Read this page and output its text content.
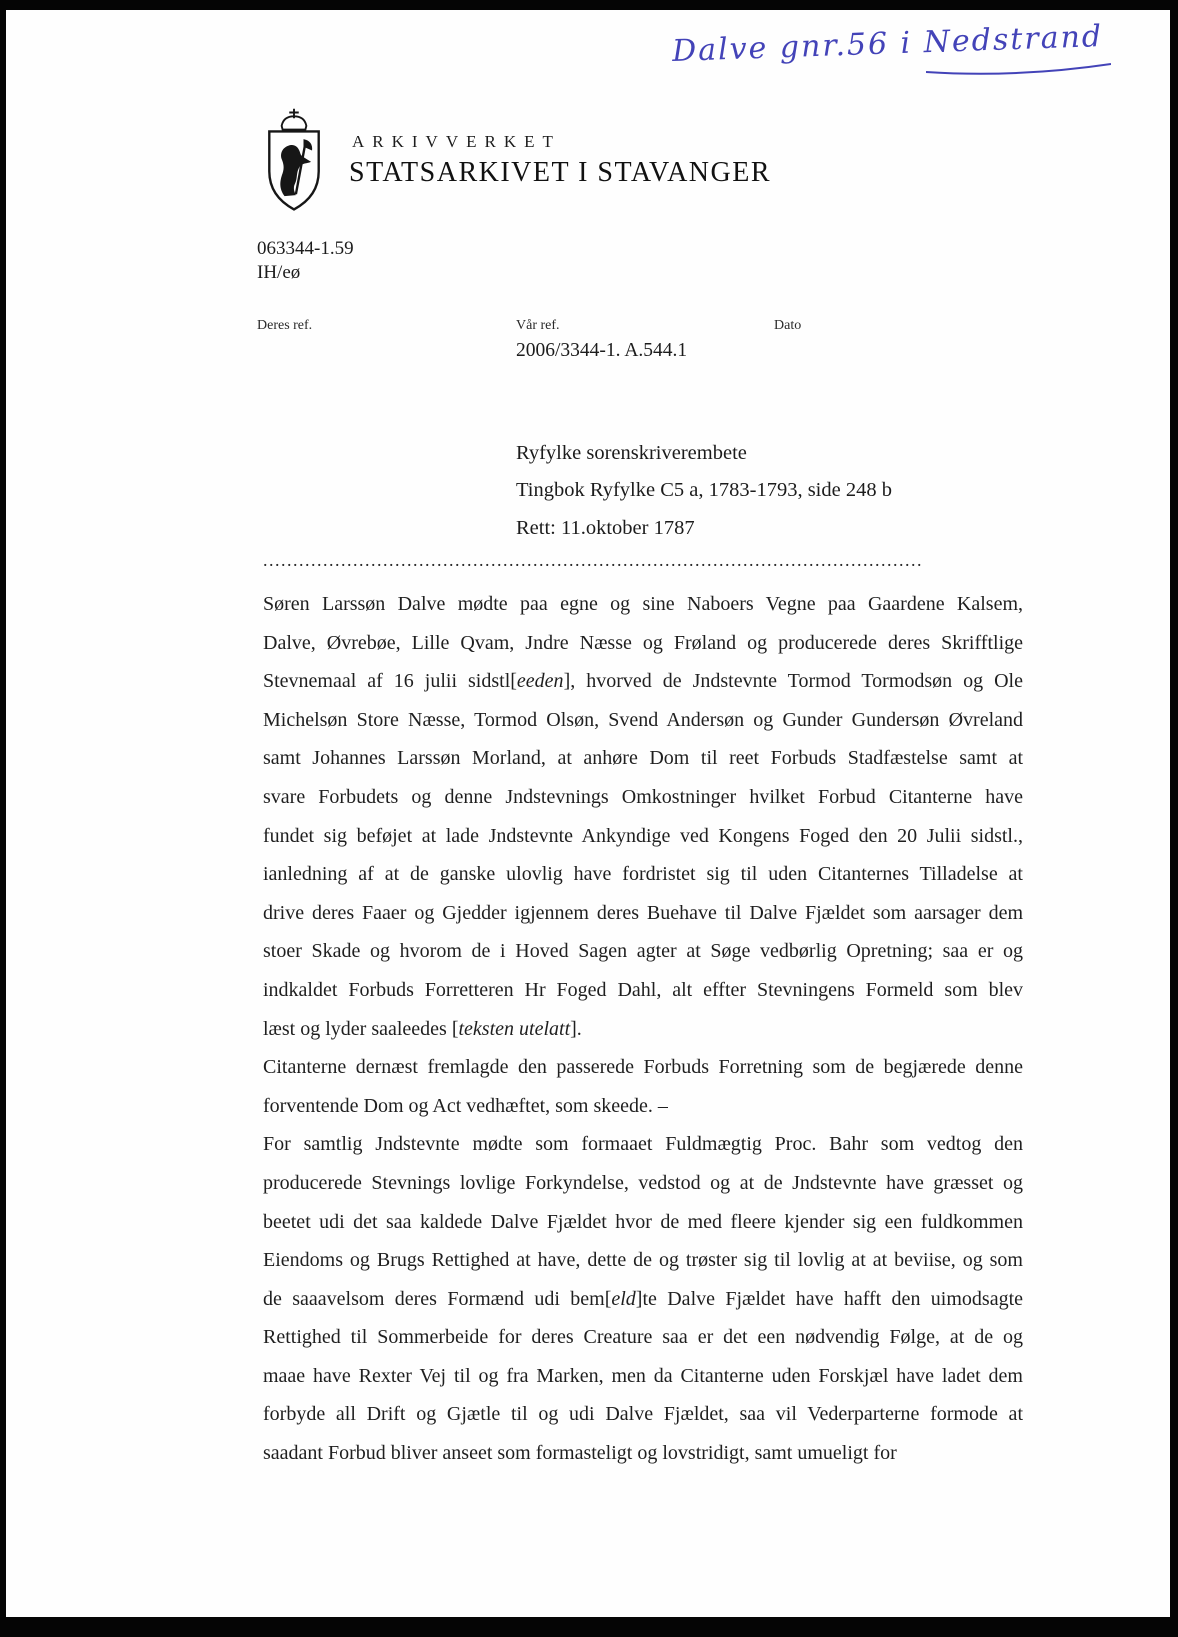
Dalve gnr.56 i Nedstrand
ARKIVVERKET
STATSARKIVET I STAVANGER
063344-1.59
IH/eø
Deres ref.	Vår ref.	Dato
2006/3344-1. A.544.1
Ryfylke sorenskriverembete
Tingbok Ryfylke C5 a, 1783-1793, side 248 b
Rett: 11.oktober 1787
..............................................................................................................
Søren Larssøn Dalve mødte paa egne og sine Naboers Vegne paa Gaardene Kalsem,
Dalve, Øvrebøe, Lille Qvam, Jndre Næsse og Frøland og producerede deres Skrifftlige
Stevnemaal af 16 julii sidstl[eeden], hvorved de Jndstevnte Tormod Tormodsøn og Ole
Michelsøn Store Næsse, Tormod Olsøn, Svend Andersøn og Gunder Gundersøn Øvreland
samt Johannes Larssøn Morland, at anhøre Dom til reet Forbuds Stadfæstelse samt at
svare Forbudets og denne Jndstevnings Omkostninger hvilket Forbud Citanterne have
fundet sig beføjet at lade Jndstevnte Ankyndige ved Kongens Foged den 20 Julii sidstl.,
ianledning af at de ganske ulovlig have fordristet sig til uden Citanternes Tilladelse at
drive deres Faaer og Gjedder igjennem deres Buehave til Dalve Fjældet som aarsager dem
stoer Skade og hvorom de i Hoved Sagen agter at Søge vedbørlig Opretning; saa er og
indkaldet Forbuds Forretteren Hr Foged Dahl, alt effter Stevningens Formeld som blev
læst og lyder saaleedes [teksten utelatt].
Citanterne dernæst fremlagde den passerede Forbuds Forretning som de begjærede denne
forventende Dom og Act vedhæftet, som skeede. –
For samtlig Jndstevnte mødte som formaaet Fuldmægtig Proc. Bahr som vedtog den
producerede Stevnings lovlige Forkyndelse, vedstod og at de Jndstevnte have græsset og
beetet udi det saa kaldede Dalve Fjældet hvor de med fleere kjender sig een fuldkommen
Eiendoms og Brugs Rettighed at have, dette de og trøster sig til lovlig at at beviise, og som
de saaavelsom deres Formænd udi bem[eld]te Dalve Fjældet have hafft den uimodsagte
Rettighed til Sommerbeide for deres Creature saa er det een nødvendig Følge, at de og
maae have Rexter Vej til og fra Marken, men da Citanterne uden Forskjæl have ladet dem
forbyde all Drift og Gjætle til og udi Dalve Fjældet, saa vil Vederparterne formode at
saadant Forbud bliver anseet som formasteligt og lovstridigt, samt umueligt for
